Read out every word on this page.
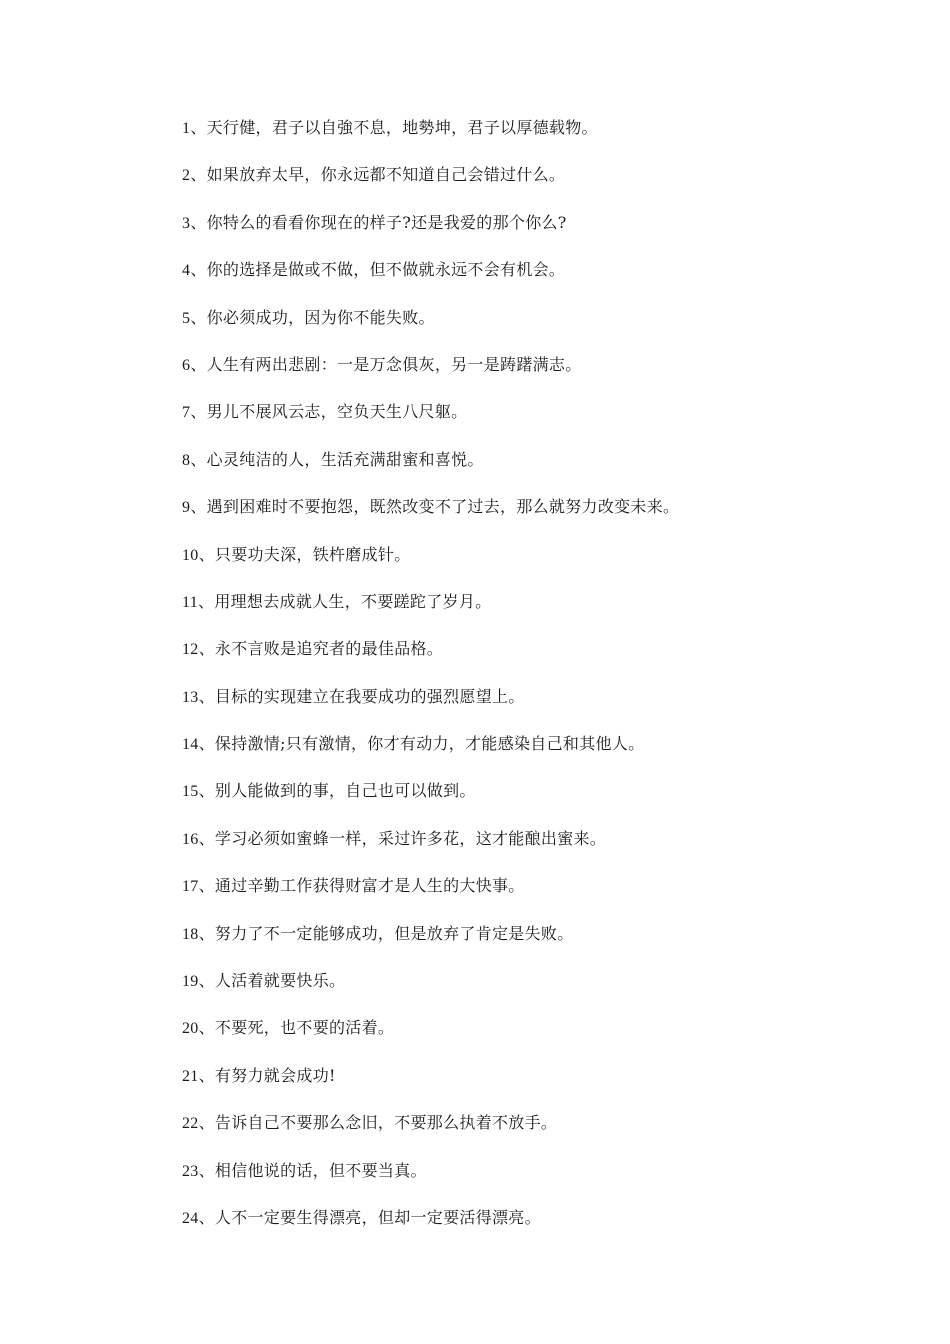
1、天行健，君子以自強不息，地勢坤，君子以厚德载物。
2、如果放弃太早，你永远都不知道自己会错过什么。
3、你特么的看看你现在的样子?还是我爱的那个你么?
4、你的选择是做或不做，但不做就永远不会有机会。
5、你必须成功，因为你不能失败。
6、人生有两出悲剧：一是万念俱灰，另一是踌躇满志。
7、男儿不展风云志，空负天生八尺躯。
8、心灵纯洁的人，生活充满甜蜜和喜悦。
9、遇到困难时不要抱怨，既然改变不了过去，那么就努力改变未来。
10、只要功夫深，铁杵磨成针。
11、用理想去成就人生，不要蹉跎了岁月。
12、永不言败是追究者的最佳品格。
13、目标的实现建立在我要成功的强烈愿望上。
14、保持激情;只有激情，你才有动力，才能感染自己和其他人。
15、别人能做到的事，自己也可以做到。
16、学习必须如蜜蜂一样，采过许多花，这才能酿出蜜来。
17、通过辛勤工作获得财富才是人生的大快事。
18、努力了不一定能够成功，但是放弃了肯定是失败。
19、人活着就要快乐。
20、不要死，也不要的活着。
21、有努力就会成功!
22、告诉自己不要那么念旧，不要那么执着不放手。
23、相信他说的话，但不要当真。
24、人不一定要生得漂亮，但却一定要活得漂亮。
